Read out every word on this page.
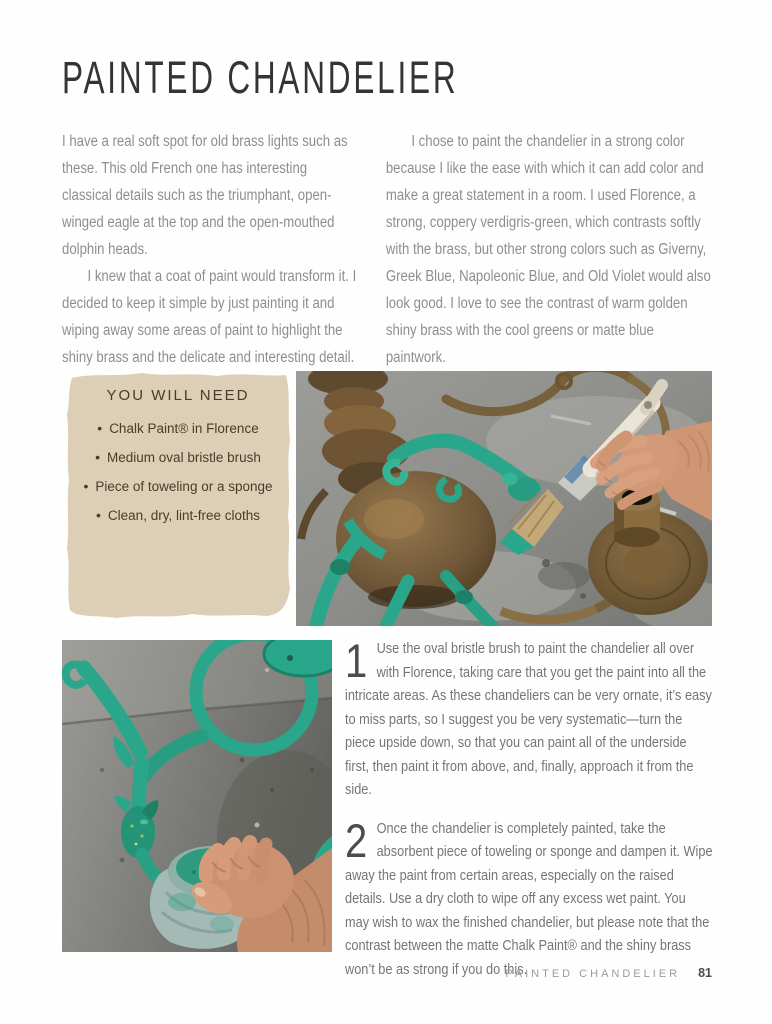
PAINTED CHANDELIER

I have a real soft spot for old brass lights such as these. This old French one has interesting classical details such as the triumphant, open-winged eagle at the top and the open-mouthed dolphin heads.

I knew that a coat of paint would transform it. I decided to keep it simple by just painting it and wiping away some areas of paint to highlight the shiny brass and the delicate and interesting detail.

I chose to paint the chandelier in a strong color because I like the ease with which it can add color and make a great statement in a room. I used Florence, a strong, coppery verdigris-green, which contrasts softly with the brass, but other strong colors such as Giverny, Greek Blue, Napoleonic Blue, and Old Violet would also look good. I love to see the contrast of warm golden shiny brass with the cool greens or matte blue paintwork.

YOU WILL NEED
• Chalk Paint® in Florence
• Medium oval bristle brush
• Piece of toweling or a sponge
• Clean, dry, lint-free cloths
1 Use the oval bristle brush to paint the chandelier all over with Florence, taking care that you get the paint into all the intricate areas. As these chandeliers can be very ornate, it’s easy to miss parts, so I suggest you be very systematic—turn the piece upside down, so that you can paint all of the underside first, then paint it from above, and, finally, approach it from the side.
2 Once the chandelier is completely painted, take the absorbent piece of toweling or sponge and dampen it. Wipe away the paint from certain areas, especially on the raised details. Use a dry cloth to wipe off any excess wet paint. You may wish to wax the finished chandelier, but please note that the contrast between the matte Chalk Paint® and the shiny brass won’t be as strong if you do this.
PAINTED CHANDELIER 81
